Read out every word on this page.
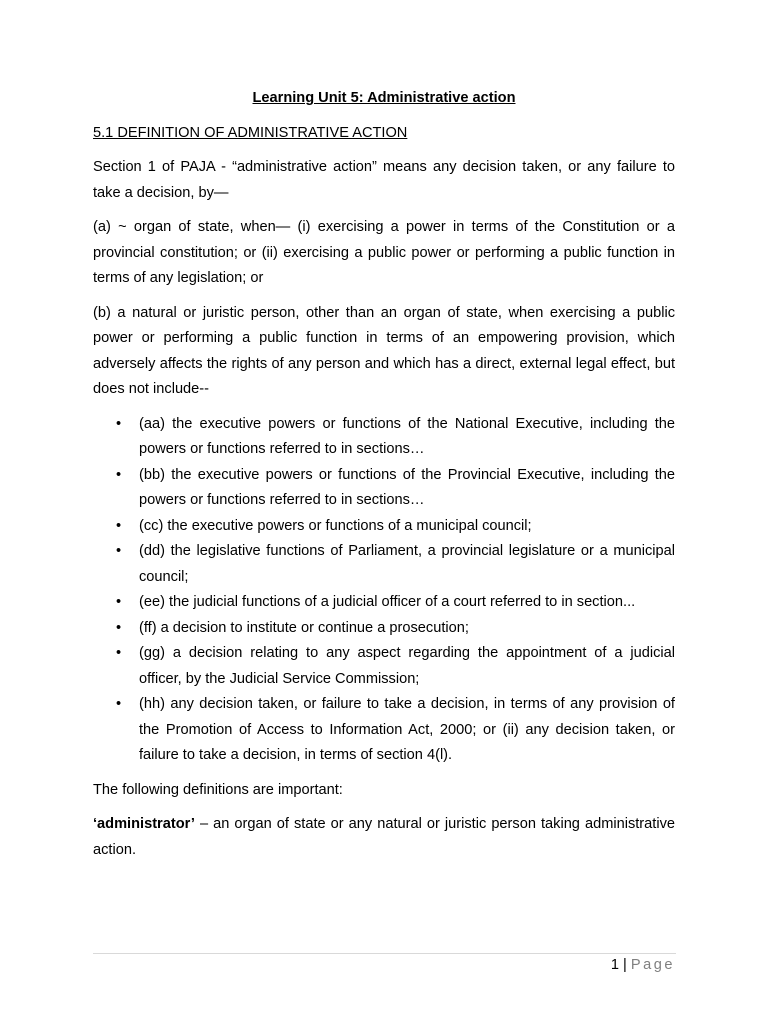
Learning Unit 5: Administrative action

5.1 DEFINITION OF ADMINISTRATIVE ACTION

Section 1 of PAJA - “administrative action” means any decision taken, or any failure to take a decision, by—

(a) ~ organ of state, when— (i) exercising a power in terms of the Constitution or a provincial constitution; or (ii) exercising a public power or performing a public function in terms of any legislation; or

(b) a natural or juristic person, other than an organ of state, when exercising a public power or performing a public function in terms of an empowering provision, which adversely affects the rights of any person and which has a direct, external legal effect, but does not include--

• (aa) the executive powers or functions of the National Executive, including the powers or functions referred to in sections…
• (bb) the executive powers or functions of the Provincial Executive, including the powers or functions referred to in sections…
• (cc) the executive powers or functions of a municipal council;
• (dd) the legislative functions of Parliament, a provincial legislature or a municipal council;
• (ee) the judicial functions of a judicial officer of a court referred to in section...
• (ff) a decision to institute or continue a prosecution;
• (gg) a decision relating to any aspect regarding the appointment of a judicial officer, by the Judicial Service Commission;
• (hh) any decision taken, or failure to take a decision, in terms of any provision of the Promotion of Access to Information Act, 2000; or (ii) any decision taken, or failure to take a decision, in terms of section 4(l).

The following definitions are important:

‘administrator’ – an organ of state or any natural or juristic person taking administrative action.

1 | Page
